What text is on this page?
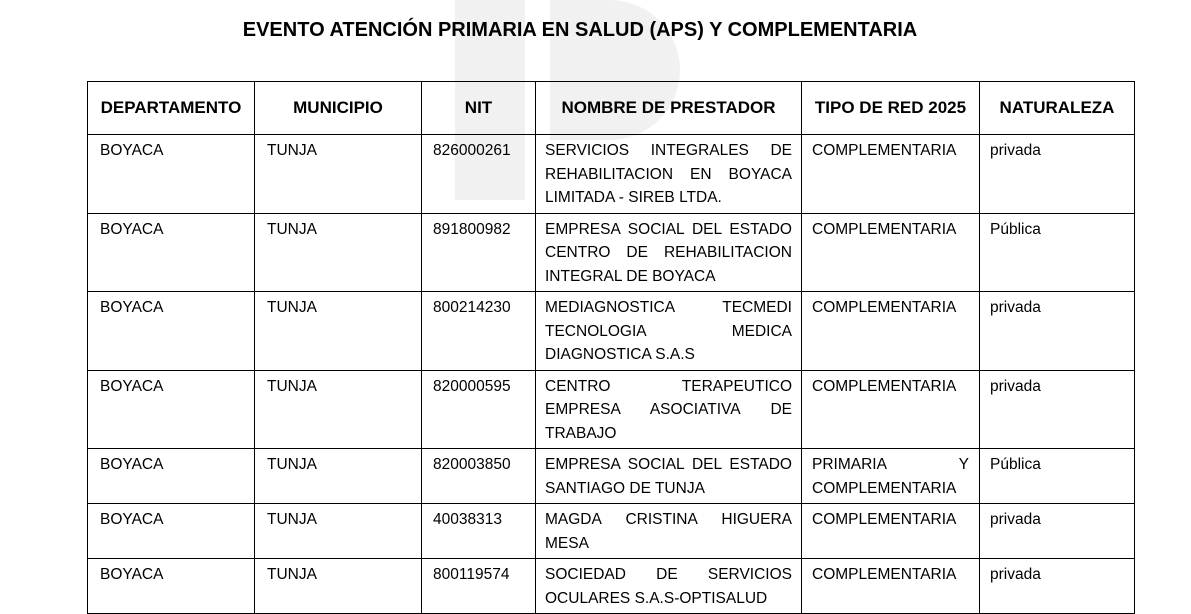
EVENTO ATENCIÓN PRIMARIA EN SALUD (APS) Y COMPLEMENTARIA
DEPARTAMENTO	MUNICIPIO	NIT	NOMBRE DE PRESTADOR	TIPO DE RED 2025	NATURALEZA
BOYACA	TUNJA	826000261	SERVICIOS INTEGRALES DE REHABILITACION EN BOYACA LIMITADA - SIREB LTDA.	COMPLEMENTARIA	privada
BOYACA	TUNJA	891800982	EMPRESA SOCIAL DEL ESTADO CENTRO DE REHABILITACION INTEGRAL DE BOYACA	COMPLEMENTARIA	Pública
BOYACA	TUNJA	800214230	MEDIAGNOSTICA TECMEDI TECNOLOGIA MEDICA DIAGNOSTICA S.A.S	COMPLEMENTARIA	privada
BOYACA	TUNJA	820000595	CENTRO TERAPEUTICO EMPRESA ASOCIATIVA DE TRABAJO	COMPLEMENTARIA	privada
BOYACA	TUNJA	820003850	EMPRESA SOCIAL DEL ESTADO SANTIAGO DE TUNJA	PRIMARIA Y COMPLEMENTARIA	Pública
BOYACA	TUNJA	40038313	MAGDA CRISTINA HIGUERA MESA	COMPLEMENTARIA	privada
BOYACA	TUNJA	800119574	SOCIEDAD DE SERVICIOS OCULARES S.A.S-OPTISALUD	COMPLEMENTARIA	privada
